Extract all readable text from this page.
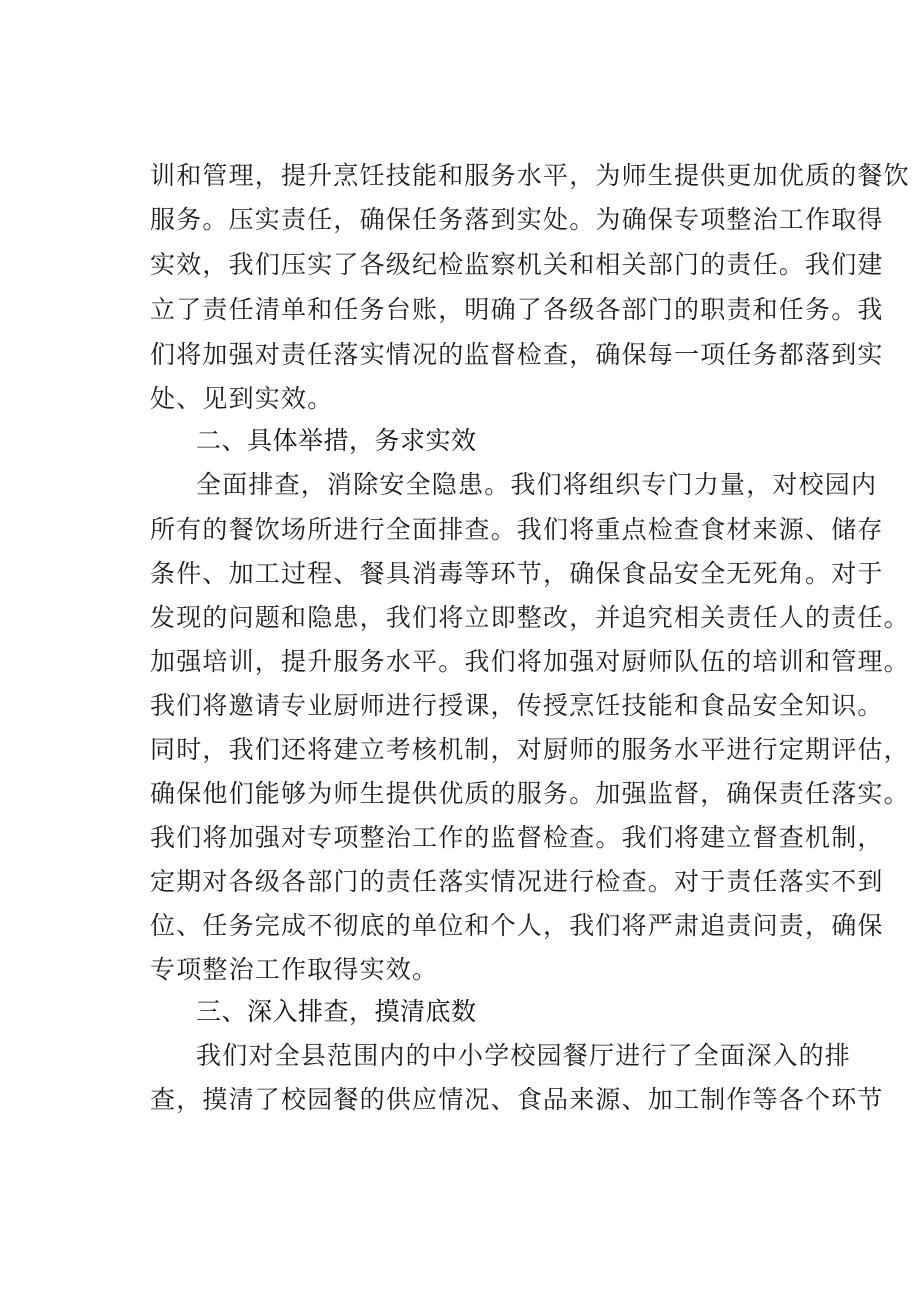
训和管理，提升烹饪技能和服务水平，为师生提供更加优质的餐饮
服务。压实责任，确保任务落到实处。为确保专项整治工作取得
实效，我们压实了各级纪检监察机关和相关部门的责任。我们建
立了责任清单和任务台账，明确了各级各部门的职责和任务。我
们将加强对责任落实情况的监督检查，确保每一项任务都落到实
处、见到实效。
二、具体举措，务求实效
全面排查，消除安全隐患。我们将组织专门力量，对校园内
所有的餐饮场所进行全面排查。我们将重点检查食材来源、储存
条件、加工过程、餐具消毒等环节，确保食品安全无死角。对于
发现的问题和隐患，我们将立即整改，并追究相关责任人的责任。
加强培训，提升服务水平。我们将加强对厨师队伍的培训和管理。
我们将邀请专业厨师进行授课，传授烹饪技能和食品安全知识。
同时，我们还将建立考核机制，对厨师的服务水平进行定期评估，
确保他们能够为师生提供优质的服务。加强监督，确保责任落实。
我们将加强对专项整治工作的监督检查。我们将建立督查机制，
定期对各级各部门的责任落实情况进行检查。对于责任落实不到
位、任务完成不彻底的单位和个人，我们将严肃追责问责，确保
专项整治工作取得实效。
三、深入排查，摸清底数
我们对全县范围内的中小学校园餐厅进行了全面深入的排
查，摸清了校园餐的供应情况、食品来源、加工制作等各个环节
